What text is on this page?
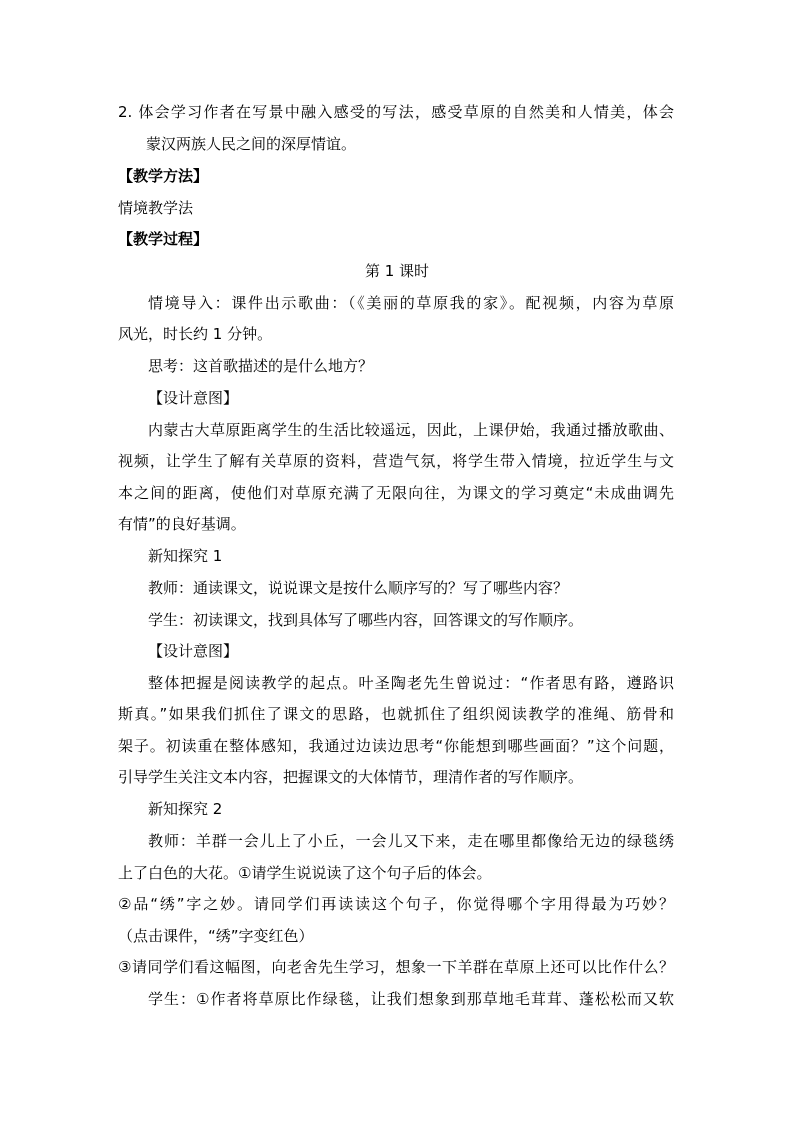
2. 体会学习作者在写景中融入感受的写法，感受草原的自然美和人情美，体会
蒙汉两族人民之间的深厚情谊。
【教学方法】
情境教学法
【教学过程】
第 1 课时
情境导入：课件出示歌曲：（《美丽的草原我的家》。配视频，内容为草原
风光，时长约 1 分钟。
思考：这首歌描述的是什么地方？
【设计意图】
内蒙古大草原距离学生的生活比较遥远，因此，上课伊始，我通过播放歌曲、
视频，让学生了解有关草原的资料，营造气氛，将学生带入情境，拉近学生与文
本之间的距离，使他们对草原充满了无限向往，为课文的学习奠定“未成曲调先
有情”的良好基调。
新知探究 1
教师：通读课文，说说课文是按什么顺序写的？写了哪些内容？
学生：初读课文，找到具体写了哪些内容，回答课文的写作顺序。
【设计意图】
整体把握是阅读教学的起点。叶圣陶老先生曾说过：“作者思有路，遵路识
斯真。”如果我们抓住了课文的思路，也就抓住了组织阅读教学的准绳、筋骨和
架子。初读重在整体感知，我通过边读边思考“你能想到哪些画面？”这个问题，
引导学生关注文本内容，把握课文的大体情节，理清作者的写作顺序。
新知探究 2
教师：羊群一会儿上了小丘，一会儿又下来，走在哪里都像给无边的绿毯绣
上了白色的大花。①请学生说说读了这个句子后的体会。
②品“绣”字之妙。请同学们再读读这个句子，你觉得哪个字用得最为巧妙？
（点击课件，“绣”字变红色）
③请同学们看这幅图，向老舍先生学习，想象一下羊群在草原上还可以比作什么？
学生：①作者将草原比作绿毯，让我们想象到那草地毛茸茸、蓬松松而又软
